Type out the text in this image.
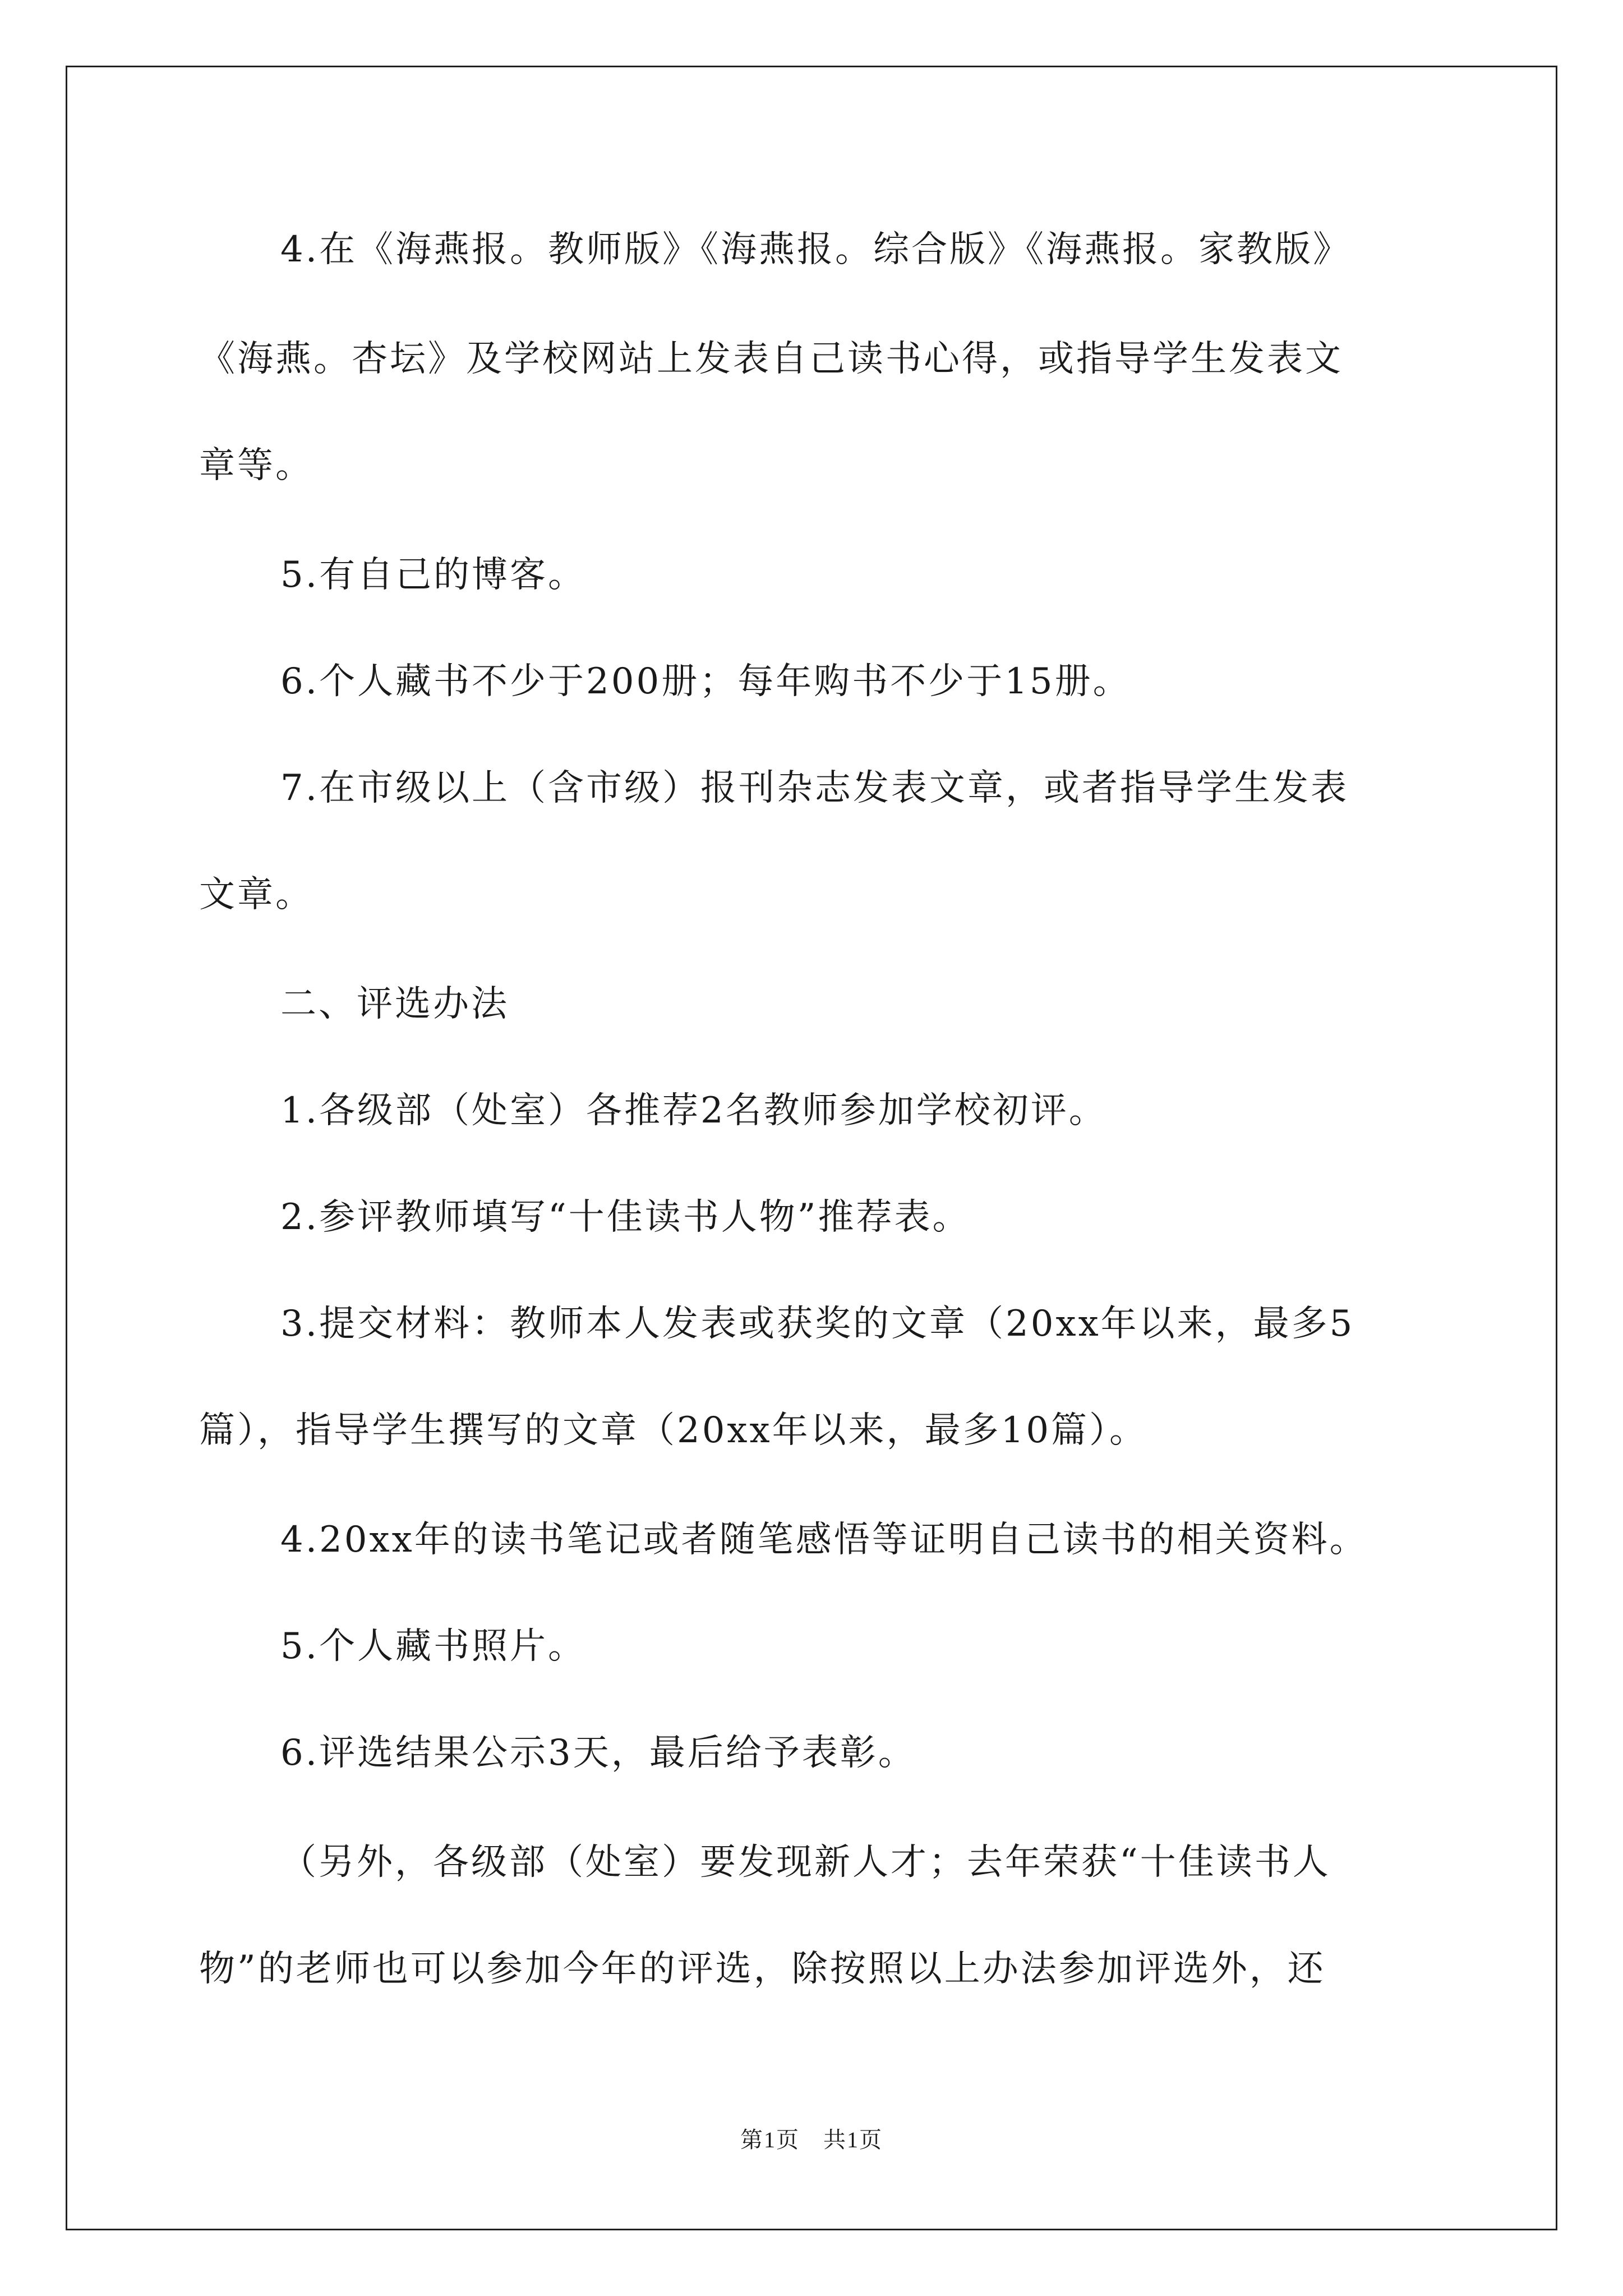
4.在《海燕报。教师版》《海燕报。综合版》《海燕报。家教版》
《海燕。杏坛》及学校网站上发表自己读书心得，或指导学生发表文
章等。
5.有自己的博客。
6.个人藏书不少于200册；每年购书不少于15册。
7.在市级以上（含市级）报刊杂志发表文章，或者指导学生发表
文章。
二、评选办法
1.各级部（处室）各推荐2名教师参加学校初评。
2.参评教师填写“十佳读书人物”推荐表。
3.提交材料：教师本人发表或获奖的文章（20xx年以来，最多5
篇），指导学生撰写的文章（20xx年以来，最多10篇）。
4.20xx年的读书笔记或者随笔感悟等证明自己读书的相关资料。
5.个人藏书照片。
6.评选结果公示3天，最后给予表彰。
（另外，各级部（处室）要发现新人才；去年荣获“十佳读书人
物”的老师也可以参加今年的评选，除按照以上办法参加评选外，还
第1页　共1页
